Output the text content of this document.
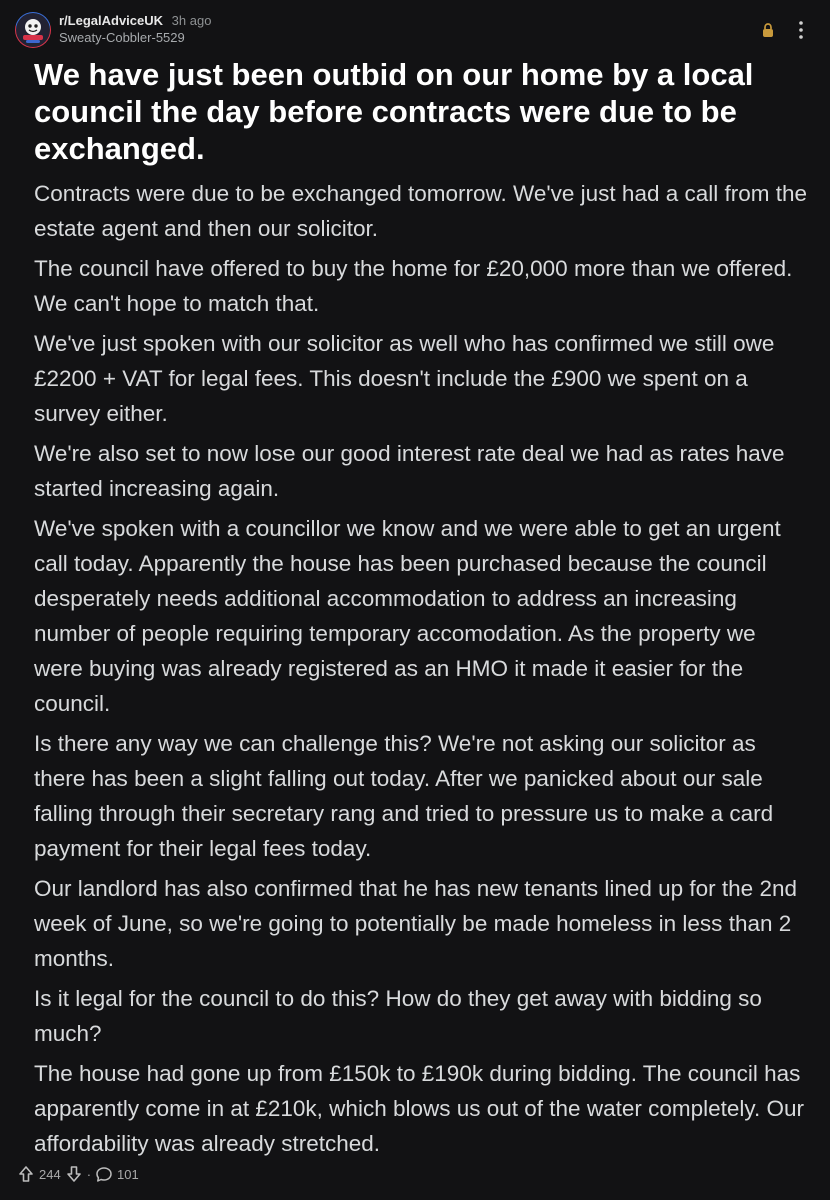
r/LegalAdviceUK 3h ago
Sweaty-Cobbler-5529
We have just been outbid on our home by a local council the day before contracts were due to be exchanged.

Contracts were due to be exchanged tomorrow. We've just had a call from the estate agent and then our solicitor.

The council have offered to buy the home for £20,000 more than we offered. We can't hope to match that.

We've just spoken with our solicitor as well who has confirmed we still owe £2200 + VAT for legal fees. This doesn't include the £900 we spent on a survey either.

We're also set to now lose our good interest rate deal we had as rates have started increasing again.

We've spoken with a councillor we know and we were able to get an urgent call today. Apparently the house has been purchased because the council desperately needs additional accommodation to address an increasing number of people requiring temporary accomodation. As the property we were buying was already registered as an HMO it made it easier for the council.

Is there any way we can challenge this? We're not asking our solicitor as there has been a slight falling out today. After we panicked about our sale falling through their secretary rang and tried to pressure us to make a card payment for their legal fees today.

Our landlord has also confirmed that he has new tenants lined up for the 2nd week of June, so we're going to potentially be made homeless in less than 2 months.

Is it legal for the council to do this? How do they get away with bidding so much?

The house had gone up from £150k to £190k during bidding. The council has apparently come in at £210k, which blows us out of the water completely. Our affordability was already stretched.

244 · 101
